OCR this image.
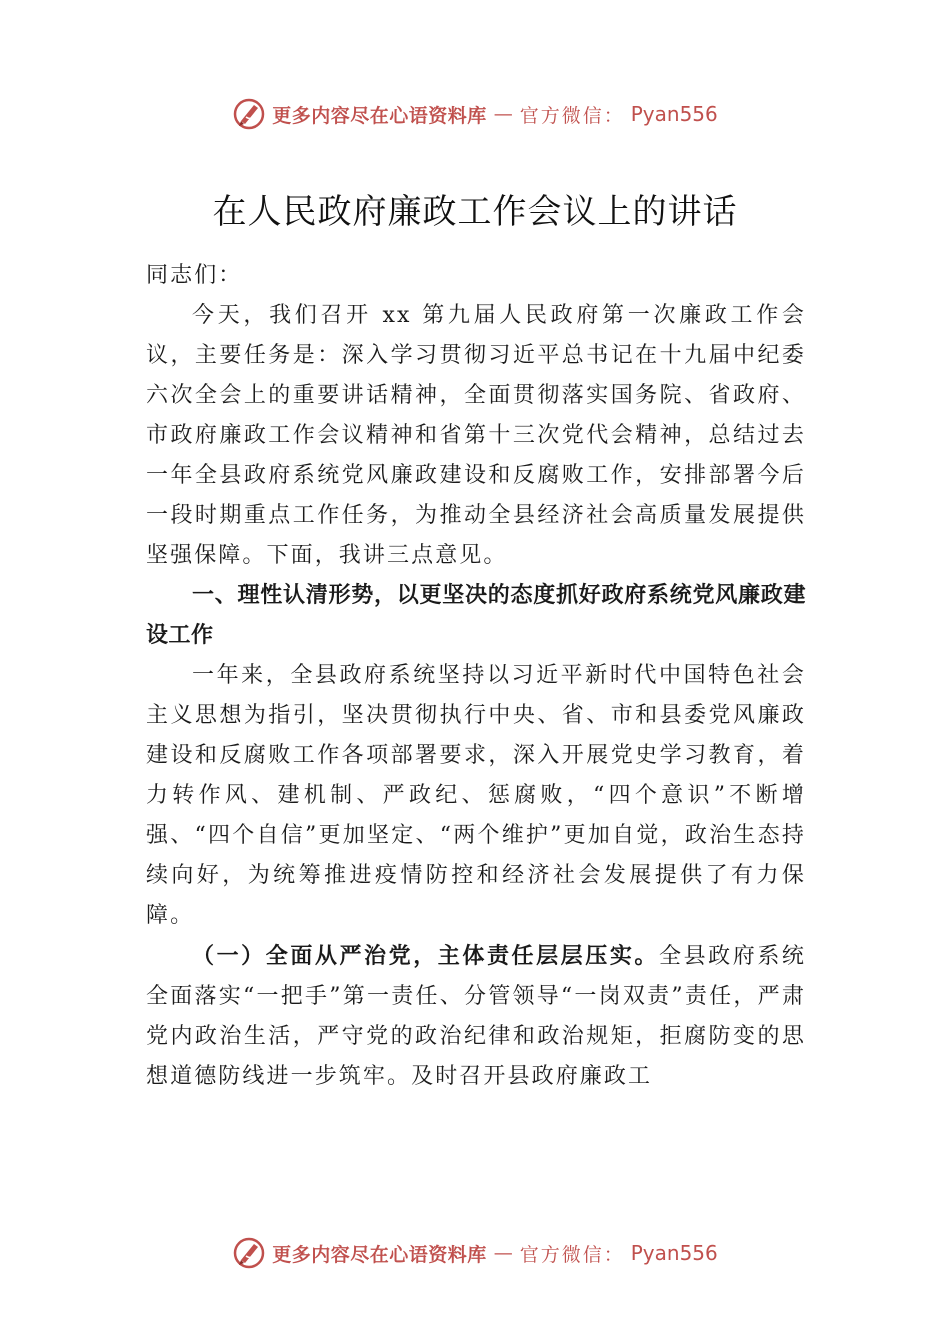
更多内容尽在心语资料库 — 官方微信： Pyan556
在人民政府廉政工作会议上的讲话

同志们：

今天，我们召开 xx 第九届人民政府第一次廉政工作会议，主要任务是：深入学习贯彻习近平总书记在十九届中纪委六次全会上的重要讲话精神，全面贯彻落实国务院、省政府、市政府廉政工作会议精神和省第十三次党代会精神，总结过去一年全县政府系统党风廉政建设和反腐败工作，安排部署今后一段时期重点工作任务，为推动全县经济社会高质量发展提供坚强保障。下面，我讲三点意见。

一、理性认清形势，以更坚决的态度抓好政府系统党风廉政建设工作

一年来，全县政府系统坚持以习近平新时代中国特色社会主义思想为指引，坚决贯彻执行中央、省、市和县委党风廉政建设和反腐败工作各项部署要求，深入开展党史学习教育，着力转作风、建机制、严政纪、惩腐败，“四个意识”不断增强、“四个自信”更加坚定、“两个维护”更加自觉，政治生态持续向好，为统筹推进疫情防控和经济社会发展提供了有力保障。

（一）全面从严治党，主体责任层层压实。全县政府系统全面落实“一把手”第一责任、分管领导“一岗双责”责任，严肃党内政治生活，严守党的政治纪律和政治规矩，拒腐防变的思想道德防线进一步筑牢。及时召开县政府廉政工

更多内容尽在心语资料库 — 官方微信： Pyan556
